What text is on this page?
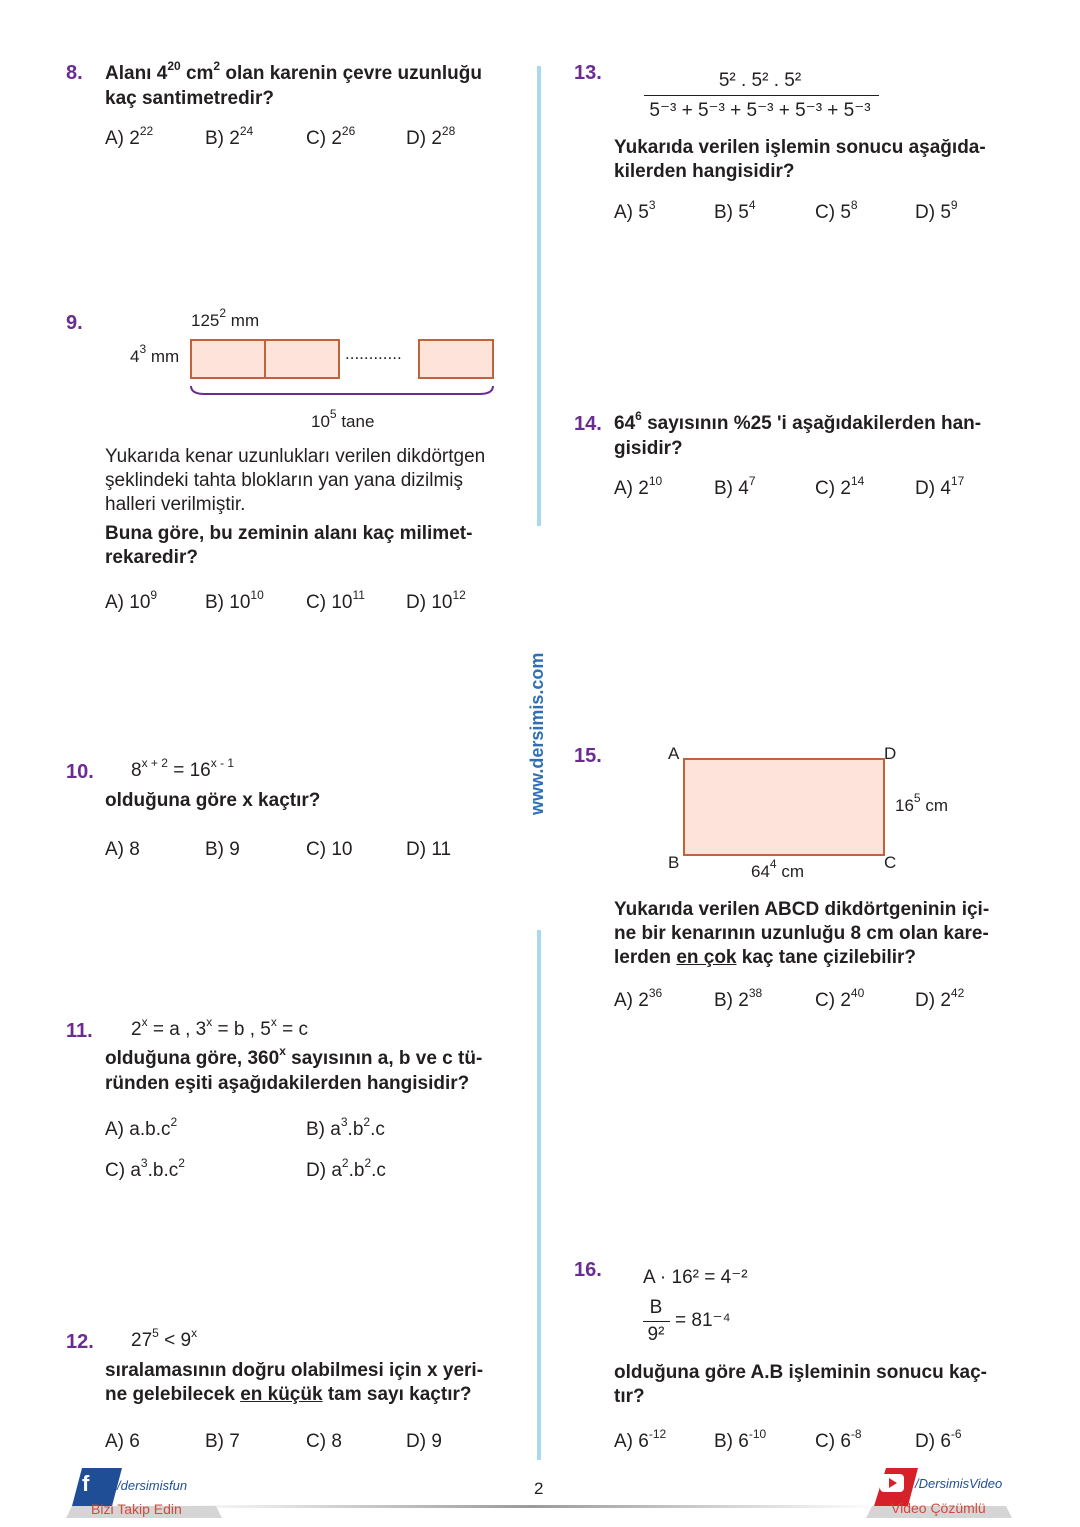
www.dersimis.com
8. Alanı $4^{20}$ $cm^2$ olan karenin çevre uzunluğu
kaç santimetredir?
A) $2^{22}$	B) $2^{24}$	C) $2^{26}$	D) $2^{28}$
9.	$125^2$ mm
$4^3$ mm	............
$10^5$ tane
Yukarıda kenar uzunlukları verilen dikdörtgen
şeklindeki tahta blokların yan yana dizilmiş
halleri verilmiştir.
Buna göre, bu zeminin alanı kaç milimet-
rekaredir?
A) $10^9$	B) $10^{10}$ C) $10^{11}$ D) $10^{12}$
10. $8^{x + 2} = 16^{x - 1}$
olduğuna göre x kaçtır?
A) 8	B) 9	C) 10	D) 11
11. $2^x = a$ , $3^x = b$ , $5^x = c$
olduğuna göre, 360$^x$ sayısının a, b ve c tü-
ründen eşiti aşağıdakilerden hangisidir?
A) $a.b.c^2$	B) $a^3.b^2.c$
C) $a^3.b.c^2$	D) $a^2.b^2.c$
12. $27^5 < 9^x$
sıralamasının doğru olabilmesi için x yeri-
ne gelebilecek en küçük tam sayı kaçtır?
A) 6	B) 7	C) 8	D) 9
13.	5² . 5² . 5²
5⁻³ + 5⁻³ + 5⁻³ + 5⁻³ + 5⁻³
Yukarıda verilen işlemin sonucu aşağıda-
kilerden hangisidir?
A) $5^3$	B) $5^4$	C) $5^8$	D) $5^9$
14. $64^6$ sayısının %25 'i aşağıdakilerden han-
gisidir?
A) $2^{10}$	B) $4^7$	C) $2^{14}$	D) $4^{17}$
15.	A
B	C
D
$16^5$ cm
$64^4$ cm
Yukarıda verilen ABCD dikdörtgeninin içi-
ne bir kenarının uzunluğu 8 cm olan kare-
lerden en çok kaç tane çizilebilir?
A) $2^{36}$	B) $2^{38}$	C) $2^{40}$	D) $2^{42}$
16. A · 16² = 4⁻²
B
9²
= 81⁻⁴
olduğuna göre A.B işleminin sonucu kaç-
tır?
A) $6^{-12}$	B) $6^{-10}$	C) $6^{-8}$	D) $6^{-6}$
2
f /dersimisfun
Bizi Takip Edin
/DersimisVideo
Video Çözümlü
